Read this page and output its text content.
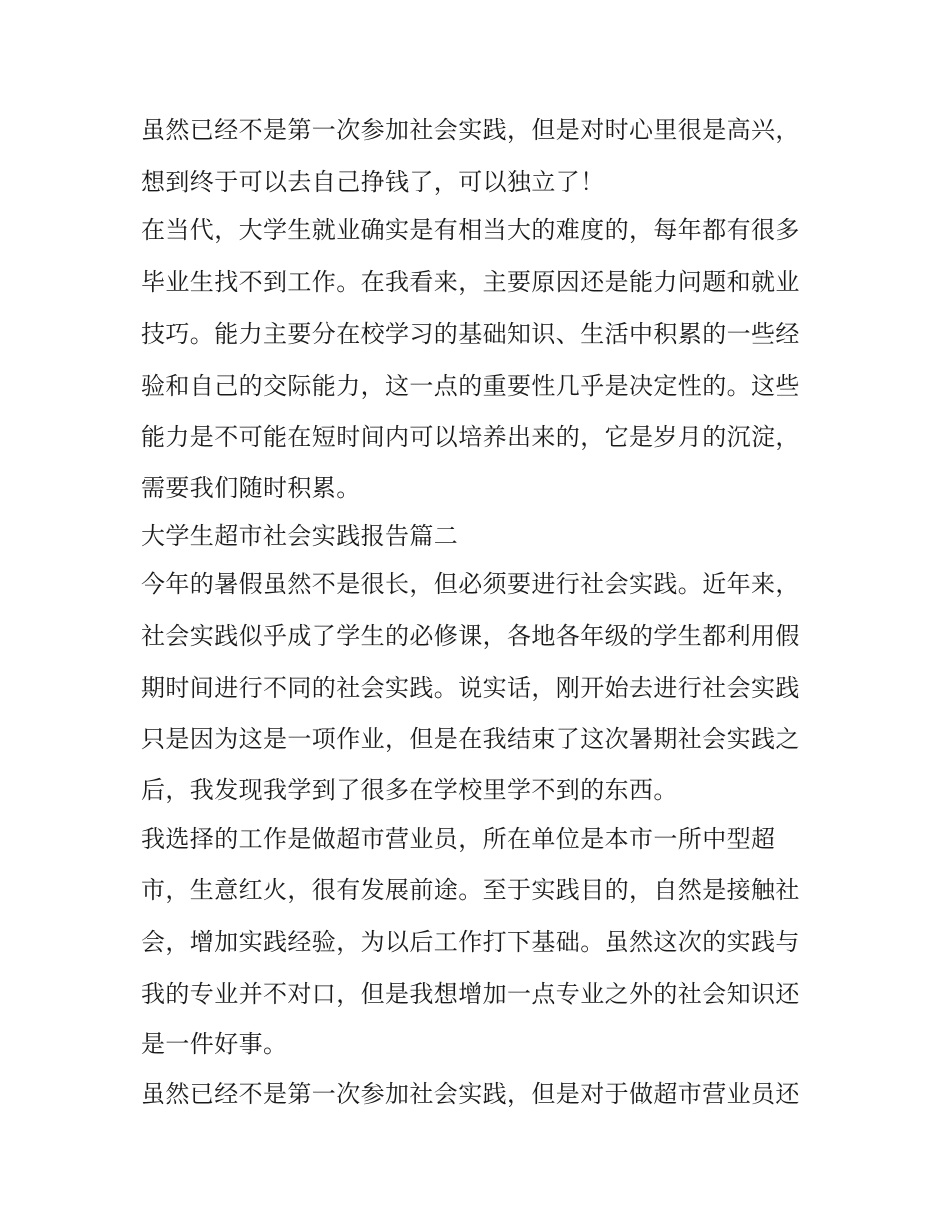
虽然已经不是第一次参加社会实践，但是对时心里很是高兴，

想到终于可以去自己挣钱了，可以独立了！

在当代，大学生就业确实是有相当大的难度的，每年都有很多

毕业生找不到工作。在我看来，主要原因还是能力问题和就业

技巧。能力主要分在校学习的基础知识、生活中积累的一些经

验和自己的交际能力，这一点的重要性几乎是决定性的。这些

能力是不可能在短时间内可以培养出来的，它是岁月的沉淀，

需要我们随时积累。

大学生超市社会实践报告篇二

今年的暑假虽然不是很长，但必须要进行社会实践。近年来，

社会实践似乎成了学生的必修课，各地各年级的学生都利用假

期时间进行不同的社会实践。说实话，刚开始去进行社会实践

只是因为这是一项作业，但是在我结束了这次暑期社会实践之

后，我发现我学到了很多在学校里学不到的东西。

我选择的工作是做超市营业员，所在单位是本市一所中型超

市，生意红火，很有发展前途。至于实践目的，自然是接触社

会，增加实践经验，为以后工作打下基础。虽然这次的实践与

我的专业并不对口，但是我想增加一点专业之外的社会知识还

是一件好事。

虽然已经不是第一次参加社会实践，但是对于做超市营业员还
